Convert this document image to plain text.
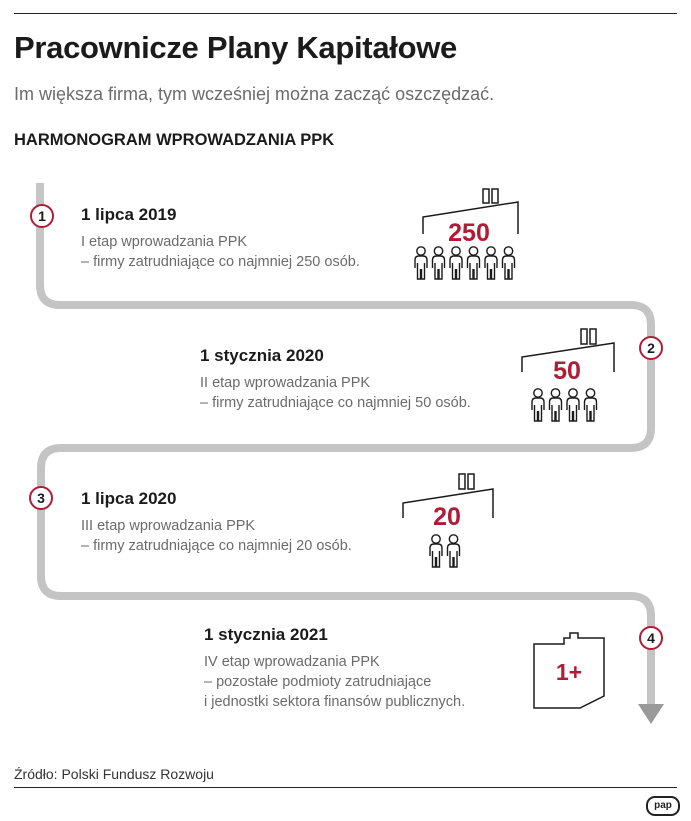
Pracownicze Plany Kapitałowe
Im większa firma, tym wcześniej można zacząć oszczędzać.
HARMONOGRAM WPROWADZANIA PPK
1
2
3
4
1 lipca 2019
I etap wprowadzania PPK
– firmy zatrudniające co najmniej 250 osób.
1 stycznia 2020
II etap wprowadzania PPK
– firmy zatrudniające co najmniej 50 osób.
1 lipca 2020
III etap wprowadzania PPK
– firmy zatrudniające co najmniej 20 osób.
1 stycznia 2021
IV etap wprowadzania PPK
– pozostałe podmioty zatrudniające
i jednostki sektora finansów publicznych.
250
50
20
1+
Źródło: Polski Fundusz Rozwoju
pap
